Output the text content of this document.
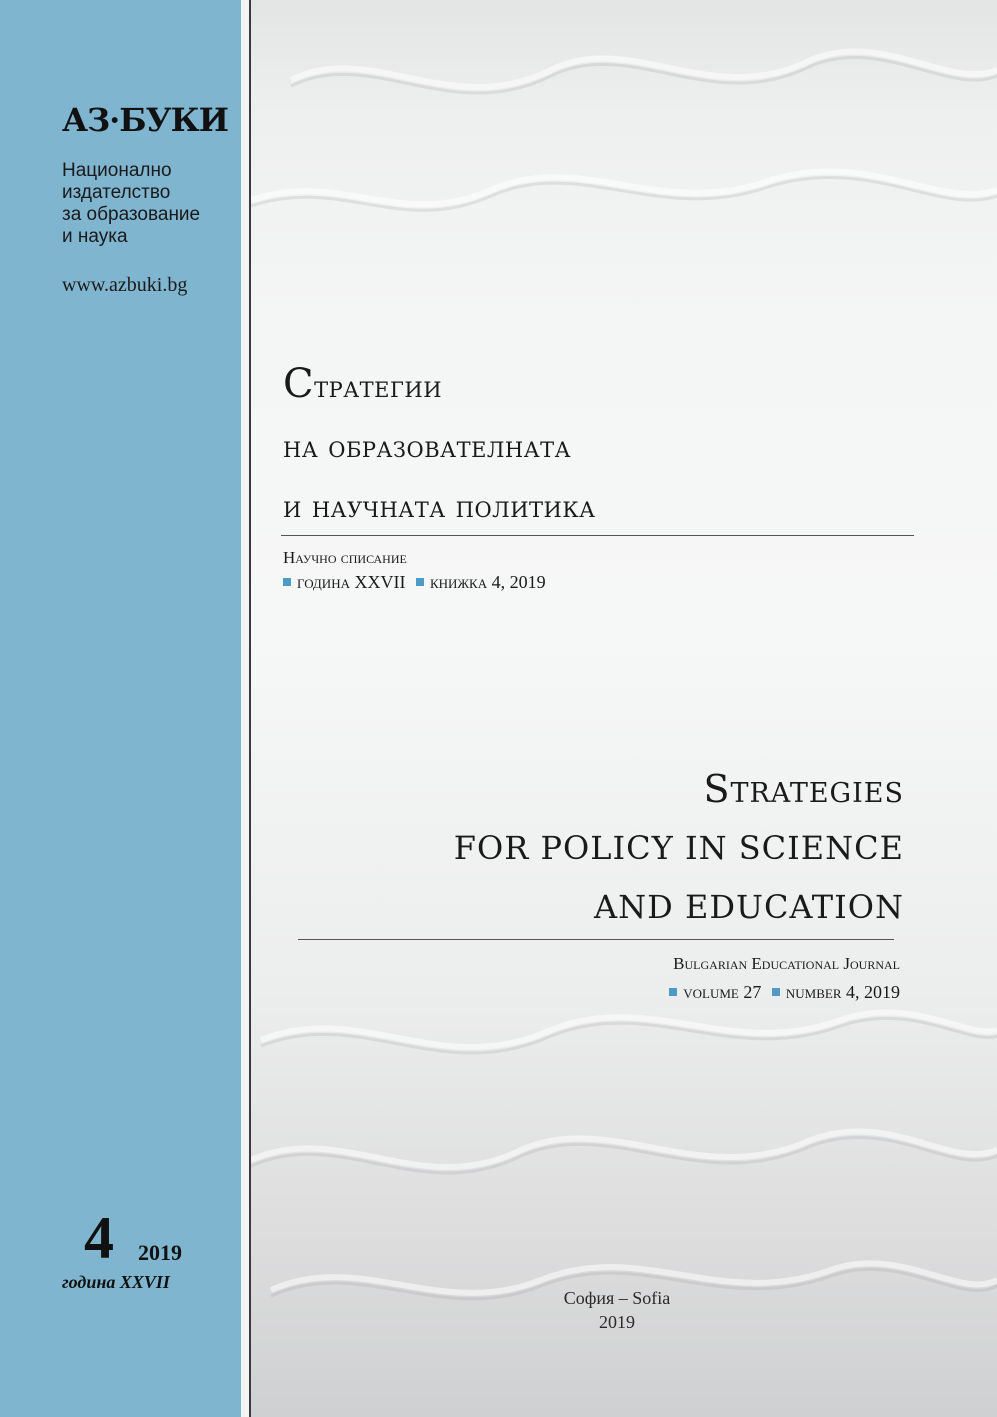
АЗ·БУКИ
Национално
издателство
за образование
и наука
www.azbuki.bg
4 2019
година XXVII
Стратегии
на образователната
и научната политика
Научно списание
година XXVII книжка 4, 2019
Strategies
FOR POLICY IN SCIENCE
AND EDUCATION
Bulgarian Educational Journal
volume 27 number 4, 2019
София – Sofia
2019
